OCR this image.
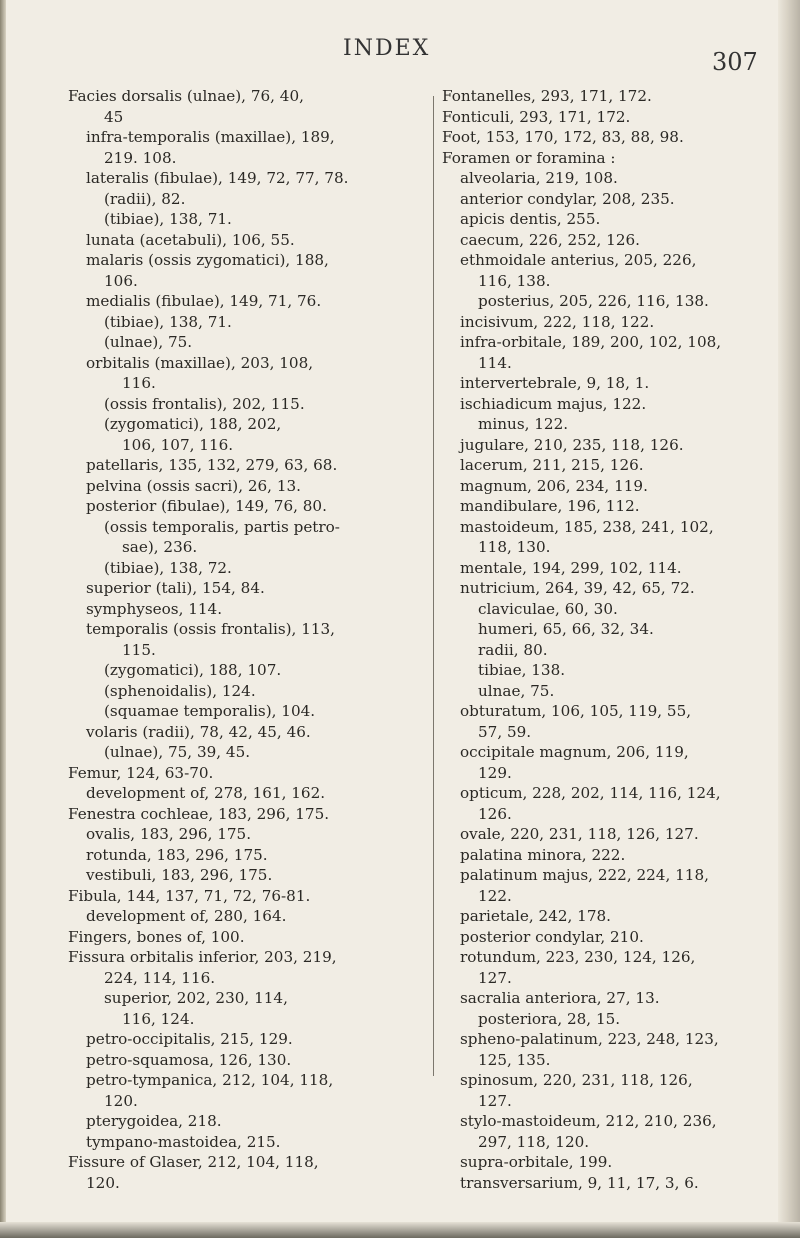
INDEX	307
Facies dorsalis (ulnae), 76, 40,
45
infra-temporalis (maxillae), 189,
219. 108.
lateralis (fibulae), 149, 72, 77, 78.
(radii), 82.
(tibiae), 138, 71.
lunata (acetabuli), 106, 55.
malaris (ossis zygomatici), 188,
106.
medialis (fibulae), 149, 71, 76.
(tibiae), 138, 71.
(ulnae), 75.
orbitalis (maxillae), 203, 108,
116.
(ossis frontalis), 202, 115.
(zygomatici), 188, 202,
106, 107, 116.
patellaris, 135, 132, 279, 63, 68.
pelvina (ossis sacri), 26, 13.
posterior (fibulae), 149, 76, 80.
(ossis temporalis, partis petro-
sae), 236.
(tibiae), 138, 72.
superior (tali), 154, 84.
symphyseos, 114.
temporalis (ossis frontalis), 113,
115.
(zygomatici), 188, 107.
(sphenoidalis), 124.
(squamae temporalis), 104.
volaris (radii), 78, 42, 45, 46.
(ulnae), 75, 39, 45.
Femur, 124, 63-70.
development of, 278, 161, 162.
Fenestra cochleae, 183, 296, 175.
ovalis, 183, 296, 175.
rotunda, 183, 296, 175.
vestibuli, 183, 296, 175.
Fibula, 144, 137, 71, 72, 76-81.
development of, 280, 164.
Fingers, bones of, 100.
Fissura orbitalis inferior, 203, 219,
224, 114, 116.
superior, 202, 230, 114,
116, 124.
petro-occipitalis, 215, 129.
petro-squamosa, 126, 130.
petro-tympanica, 212, 104, 118,
120.
pterygoidea, 218.
tympano-mastoidea, 215.
Fissure of Glaser, 212, 104, 118,
120.
Fontanelles, 293, 171, 172.
Fonticuli, 293, 171, 172.
Foot, 153, 170, 172, 83, 88, 98.
Foramen or foramina :
alveolaria, 219, 108.
anterior condylar, 208, 235.
apicis dentis, 255.
caecum, 226, 252, 126.
ethmoidale anterius, 205, 226,
116, 138.
posterius, 205, 226, 116, 138.
incisivum, 222, 118, 122.
infra-orbitale, 189, 200, 102, 108,
114.
intervertebrale, 9, 18, 1.
ischiadicum majus, 122.
minus, 122.
jugulare, 210, 235, 118, 126.
lacerum, 211, 215, 126.
magnum, 206, 234, 119.
mandibulare, 196, 112.
mastoideum, 185, 238, 241, 102,
118, 130.
mentale, 194, 299, 102, 114.
nutricium, 264, 39, 42, 65, 72.
claviculae, 60, 30.
humeri, 65, 66, 32, 34.
radii, 80.
tibiae, 138.
ulnae, 75.
obturatum, 106, 105, 119, 55,
57, 59.
occipitale magnum, 206, 119,
129.
opticum, 228, 202, 114, 116, 124,
126.
ovale, 220, 231, 118, 126, 127.
palatina minora, 222.
palatinum majus, 222, 224, 118,
122.
parietale, 242, 178.
posterior condylar, 210.
rotundum, 223, 230, 124, 126,
127.
sacralia anteriora, 27, 13.
posteriora, 28, 15.
spheno-palatinum, 223, 248, 123,
125, 135.
spinosum, 220, 231, 118, 126,
127.
stylo-mastoideum, 212, 210, 236,
297, 118, 120.
supra-orbitale, 199.
transversarium, 9, 11, 17, 3, 6.
